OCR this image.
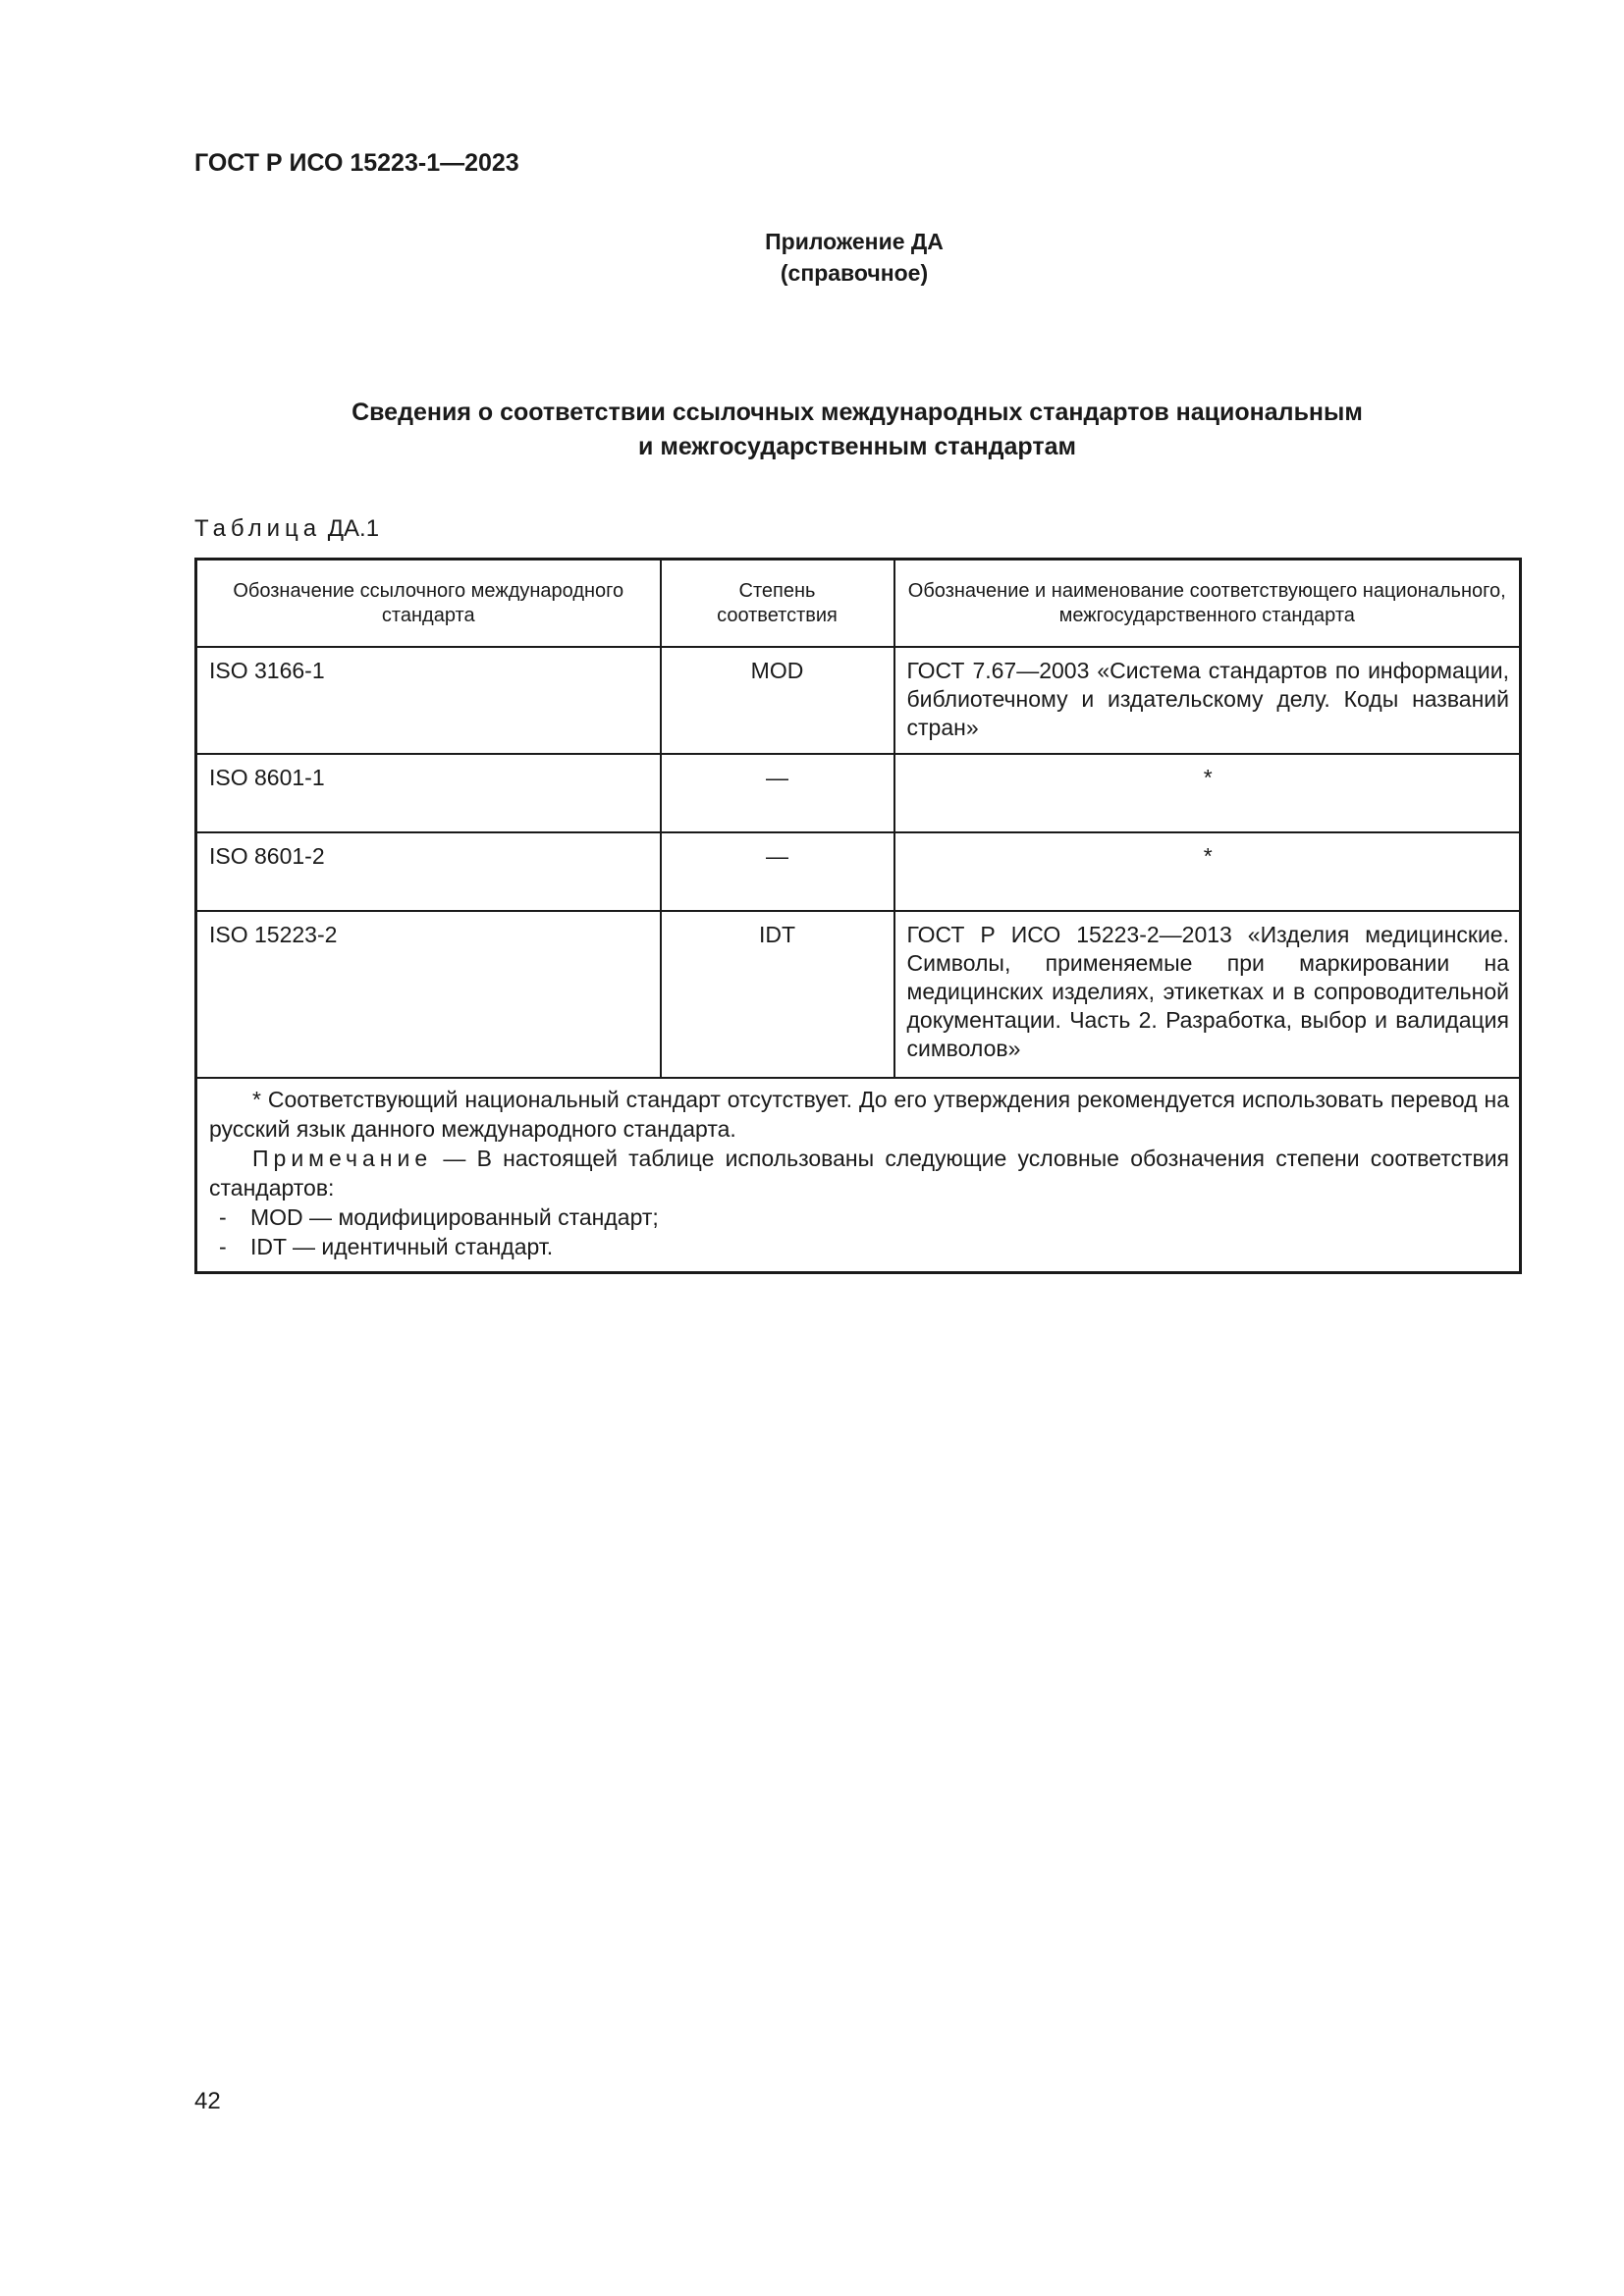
ГОСТ Р ИСО 15223-1—2023
Приложение ДА
(справочное)
Сведения о соответствии ссылочных международных стандартов национальным
и межгосударственным стандартам
Таблица ДА.1
Обозначение ссылочного международного стандарта	Степень соответствия	Обозначение и наименование соответствующего национального, межгосударственного стандарта
ISO 3166-1	MOD	ГОСТ 7.67—2003 «Система стандартов по информации, библиотечному и издательскому делу. Коды названий стран»
ISO 8601-1	—	*
ISO 8601-2	—	*
ISO 15223-2	IDT	ГОСТ Р ИСО 15223-2—2013 «Изделия медицинские. Символы, применяемые при маркировании на медицинских изделиях, этикетках и в сопроводительной документации. Часть 2. Разработка, выбор и валидация символов»

* Соответствующий национальный стандарт отсутствует. До его утверждения рекомендуется использовать перевод на русский язык данного международного стандарта.
Примечание — В настоящей таблице использованы следующие условные обозначения степени соответствия стандартов:
- MOD — модифицированный стандарт;
- IDT — идентичный стандарт.		
42
